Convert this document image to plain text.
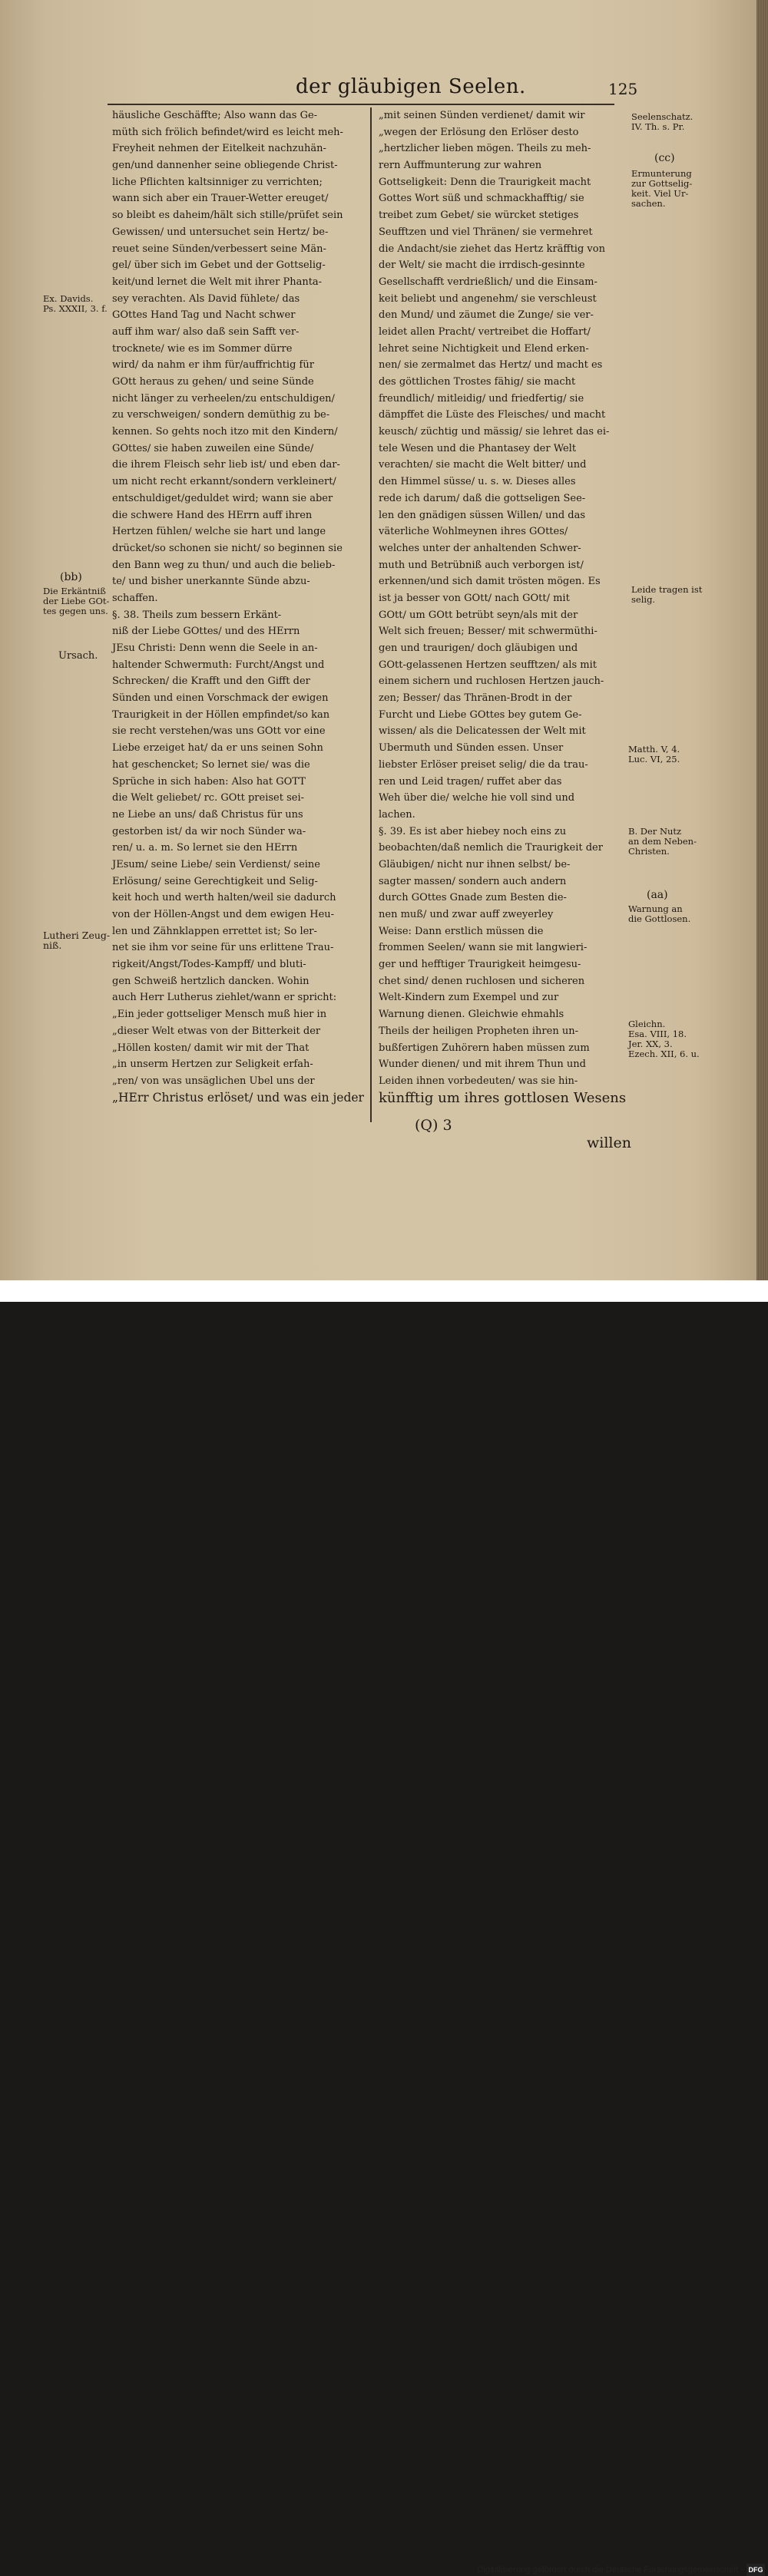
der gläubigen Seelen.	125
häusliche Geschäffte; Also wann das Ge-
müth sich frölich befindet/wird es leicht meh-
Freyheit nehmen der Eitelkeit nachzuhän-
gen/und dannenher seine obliegende Christ-
liche Pflichten kaltsinniger zu verrichten;
wann sich aber ein Trauer-Wetter ereuget/
so bleibt es daheim/hält sich stille/prüfet sein
Gewissen/ und untersuchet sein Hertz/ be-
reuet seine Sünden/verbessert seine Män-
gel/ über sich im Gebet und der Gottselig-
keit/und lernet die Welt mit ihrer Phanta-
sey verachten. Als David fühlete/ das
GOttes Hand Tag und Nacht schwer
auff ihm war/ also daß sein Safft ver-
trocknete/ wie es im Sommer dürre
wird/ da nahm er ihm für/auffrichtig für
GOtt heraus zu gehen/ und seine Sünde
nicht länger zu verheelen/zu entschuldigen/
zu verschweigen/ sondern demüthig zu be-
kennen. So gehts noch itzo mit den Kindern/
GOttes/ sie haben zuweilen eine Sünde/
die ihrem Fleisch sehr lieb ist/ und eben dar-
um nicht recht erkannt/sondern verkleinert/
entschuldiget/geduldet wird; wann sie aber
die schwere Hand des HErrn auff ihren
Hertzen fühlen/ welche sie hart und lange
drücket/so schonen sie nicht/ so beginnen sie
den Bann weg zu thun/ und auch die belieb-
te/ und bisher unerkannte Sünde abzu-
schaffen.
§. 38. Theils zum bessern Erkänt-
niß der Liebe GOttes/ und des HErrn
JEsu Christi: Denn wenn die Seele in an-
haltender Schwermuth: Furcht/Angst und
Schrecken/ die Krafft und den Gifft der
Sünden und einen Vorschmack der ewigen
Traurigkeit in der Höllen empfindet/so kan
sie recht verstehen/was uns GOtt vor eine
Liebe erzeiget hat/ da er uns seinen Sohn
hat geschencket; So lernet sie/ was die
Sprüche in sich haben: Also hat GOTT
die Welt geliebet/ rc. GOtt preiset sei-
ne Liebe an uns/ daß Christus für uns
gestorben ist/ da wir noch Sünder wa-
ren/ u. a. m. So lernet sie den HErrn
JEsum/ seine Liebe/ sein Verdienst/ seine
Erlösung/ seine Gerechtigkeit und Selig-
keit hoch und werth halten/weil sie dadurch
von der Höllen-Angst und dem ewigen Heu-
len und Zähnklappen errettet ist; So ler-
net sie ihm vor seine für uns erlittene Trau-
rigkeit/Angst/Todes-Kampff/ und bluti-
gen Schweiß hertzlich dancken. Wohin
auch Herr Lutherus ziehlet/wann er spricht:
„Ein jeder gottseliger Mensch muß hier in
„dieser Welt etwas von der Bitterkeit der
„Höllen kosten/ damit wir mit der That
„in unserm Hertzen zur Seligkeit erfah-
„ren/ von was unsäglichen Ubel uns der
„HErr Christus erlöset/ und was ein jeder
„mit seinen Sünden verdienet/ damit wir
„wegen der Erlösung den Erlöser desto
„hertzlicher lieben mögen. Theils zu meh-
rern Auffmunterung zur wahren
Gottseligkeit: Denn die Traurigkeit macht
Gottes Wort süß und schmackhafftig/ sie
treibet zum Gebet/ sie würcket stetiges
Seufftzen und viel Thränen/ sie vermehret
die Andacht/sie ziehet das Hertz kräfftig von
der Welt/ sie macht die irrdisch-gesinnte
Gesellschafft verdrießlich/ und die Einsam-
keit beliebt und angenehm/ sie verschleust
den Mund/ und zäumet die Zunge/ sie ver-
leidet allen Pracht/ vertreibet die Hoffart/
lehret seine Nichtigkeit und Elend erken-
nen/ sie zermalmet das Hertz/ und macht es
des göttlichen Trostes fähig/ sie macht
freundlich/ mitleidig/ und friedfertig/ sie
dämpffet die Lüste des Fleisches/ und macht
keusch/ züchtig und mässig/ sie lehret das ei-
tele Wesen und die Phantasey der Welt
verachten/ sie macht die Welt bitter/ und
den Himmel süsse/ u. s. w. Dieses alles
rede ich darum/ daß die gottseligen See-
len den gnädigen süssen Willen/ und das
väterliche Wohlmeynen ihres GOttes/
welches unter der anhaltenden Schwer-
muth und Betrübniß auch verborgen ist/
erkennen/und sich damit trösten mögen. Es
ist ja besser von GOtt/ nach GOtt/ mit
GOtt/ um GOtt betrübt seyn/als mit der
Welt sich freuen; Besser/ mit schwermüthi-
gen und traurigen/ doch gläubigen und
GOtt-gelassenen Hertzen seufftzen/ als mit
einem sichern und ruchlosen Hertzen jauch-
zen; Besser/ das Thränen-Brodt in der
Furcht und Liebe GOttes bey gutem Ge-
wissen/ als die Delicatessen der Welt mit
Ubermuth und Sünden essen. Unser
liebster Erlöser preiset selig/ die da trau-
ren und Leid tragen/ ruffet aber das
Weh über die/ welche hie voll sind und
lachen.
§. 39. Es ist aber hiebey noch eins zu
beobachten/daß nemlich die Traurigkeit der
Gläubigen/ nicht nur ihnen selbst/ be-
sagter massen/ sondern auch andern
durch GOttes Gnade zum Besten die-
nen muß/ und zwar auff zweyerley
Weise: Dann erstlich müssen die
frommen Seelen/ wann sie mit langwieri-
ger und hefftiger Traurigkeit heimgesu-
chet sind/ denen ruchlosen und sicheren
Welt-Kindern zum Exempel und zur
Warnung dienen. Gleichwie ehmahls
Theils der heiligen Propheten ihren un-
bußfertigen Zuhörern haben müssen zum
Wunder dienen/ und mit ihrem Thun und
Leiden ihnen vorbedeuten/ was sie hin-
künfftig um ihres gottlosen Wesens
Ex. Davids.
Ps. XXXII, 3. f.
(bb)
Die Erkäntniß
der Liebe GOt-
tes gegen uns.
Ursach.
Lutheri Zeug-
niß.
Seelenschatz.
IV. Th. s. Pr.
(cc)
Ermunterung
zur Gottselig-
keit. Viel Ur-
sachen.
Leide tragen ist
selig.
Matth. V, 4.
Luc. VI, 25.
B. Der Nutz
an dem Neben-
Christen.
(aa)
Warnung an
die Gottlosen.
Gleichn.
Esa. VIII, 18.
Jer. XX, 3.
Ezech. XII, 6. u.
(Q) 3
willen
Digitalisierung gefördert durch die Deutsche Forschungsgemeinschaft - DFG
